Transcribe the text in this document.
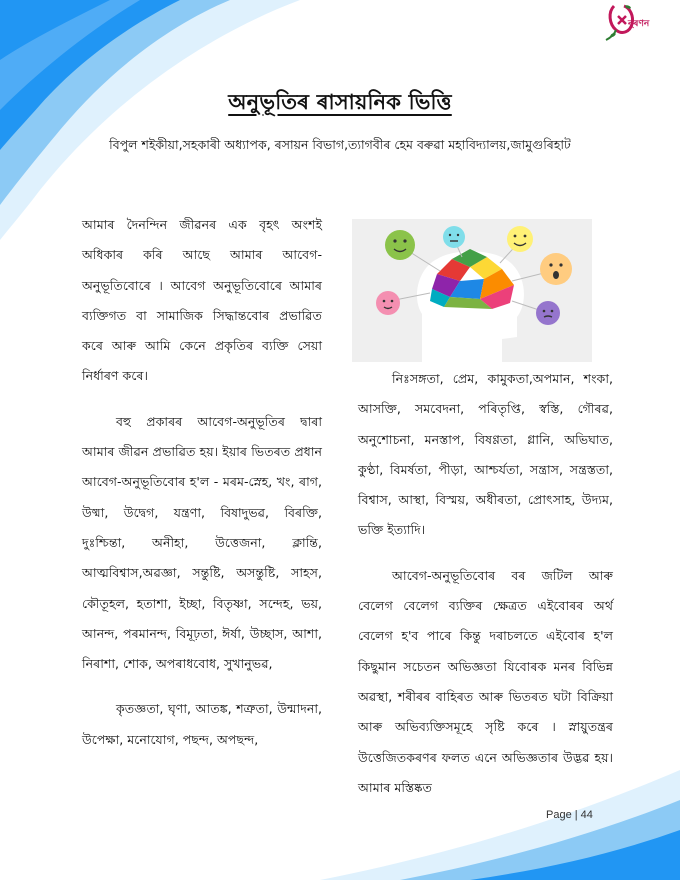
নুৰণন
অনুভূতিৰ ৰাসায়নিক ভিত্তি
বিপুল শইকীয়া,সহকাৰী অধ্যাপক, ৰসায়ন বিভাগ,ত্যাগবীৰ হেম বৰুৱা মহাবিদ্যালয়,জামুগুৰিহাট

আমাৰ দৈনন্দিন জীৱনৰ এক বৃহৎ অংশই অধিকাৰ কৰি আছে আমাৰ আবেগ-অনুভূতিবোৰে । আবেগ অনুভূতিবোৰে আমাৰ ব্যক্তিগত বা সামাজিক সিদ্ধান্তবোৰ প্ৰভাৱিত কৰে আৰু আমি কেনে প্ৰকৃতিৰ ব্যক্তি সেয়া নিৰ্ধাৰণ কৰে।

বহু প্ৰকাৰৰ আবেগ-অনুভূতিৰ দ্বাৰা আমাৰ জীৱন প্ৰভাৱিত হয়। ইয়াৰ ভিতৰত প্ৰধান আবেগ-অনুভূতিবোৰ হ'ল - মৰম-স্নেহ, খং, ৰাগ, উষ্মা, উদ্বেগ, যন্ত্ৰণা, বিষাদুভৱ, বিৰক্তি, দুঃশ্চিন্তা, অনীহা, উত্তেজনা, ক্লান্তি, আত্মবিশ্বাস,অৱজ্ঞা, সন্তুষ্টি, অসন্তুষ্টি, সাহস, কৌতূহল, হতাশা, ইচ্ছা, বিতৃষ্ণা, সন্দেহ, ভয়, আনন্দ, পৰমানন্দ, বিমূঢ়তা, ঈৰ্ষা, উচ্ছাস, আশা, নিৰাশা, শোক, অপৰাধবোধ, সুখানুভৱ,

কৃতজ্ঞতা, ঘৃণা, আতঙ্ক, শত্ৰুতা, উন্মাদনা, উপেক্ষা, মনোযোগ, পছন্দ, অপছন্দ,

নিঃসঙ্গতা, প্ৰেম, কামুকতা,অপমান, শংকা, আসক্তি, সমবেদনা, পৰিতৃপ্তি, স্বস্তি, গৌৰৱ, অনুশোচনা, মনস্তাপ, বিষণ্ণতা, গ্লানি, অভিঘাত, কুণ্ঠা, বিমৰ্ষতা, পীড়া, আশ্চৰ্যতা, সন্ত্ৰাস, সন্ত্ৰস্ততা, বিশ্বাস, আস্থা, বিস্ময়, অধীৰতা, প্ৰোৎসাহ, উদ্যম, ভক্তি ইত্যাদি।

আবেগ-অনুভূতিবোৰ বৰ জটিল আৰু বেলেগ বেলেগ ব্যক্তিৰ ক্ষেত্ৰত এইবোৰৰ অৰ্থ বেলেগ হ'ব পাৰে কিন্তু দৰাচলতে এইবোৰ হ'ল কিছুমান সচেতন অভিজ্ঞতা যিবোৰক মনৰ বিভিন্ন অৱস্থা, শৰীৰৰ বাহিৰত আৰু ভিতৰত ঘটা বিক্ৰিয়া আৰু অভিব্যক্তিসমূহে সৃষ্টি কৰে । স্নায়ুতন্ত্ৰৰ উত্তেজিতকৰণৰ ফলত এনে অভিজ্ঞতাৰ উদ্ভৱ হয়। আমাৰ মস্তিষ্কত

Page | 44
